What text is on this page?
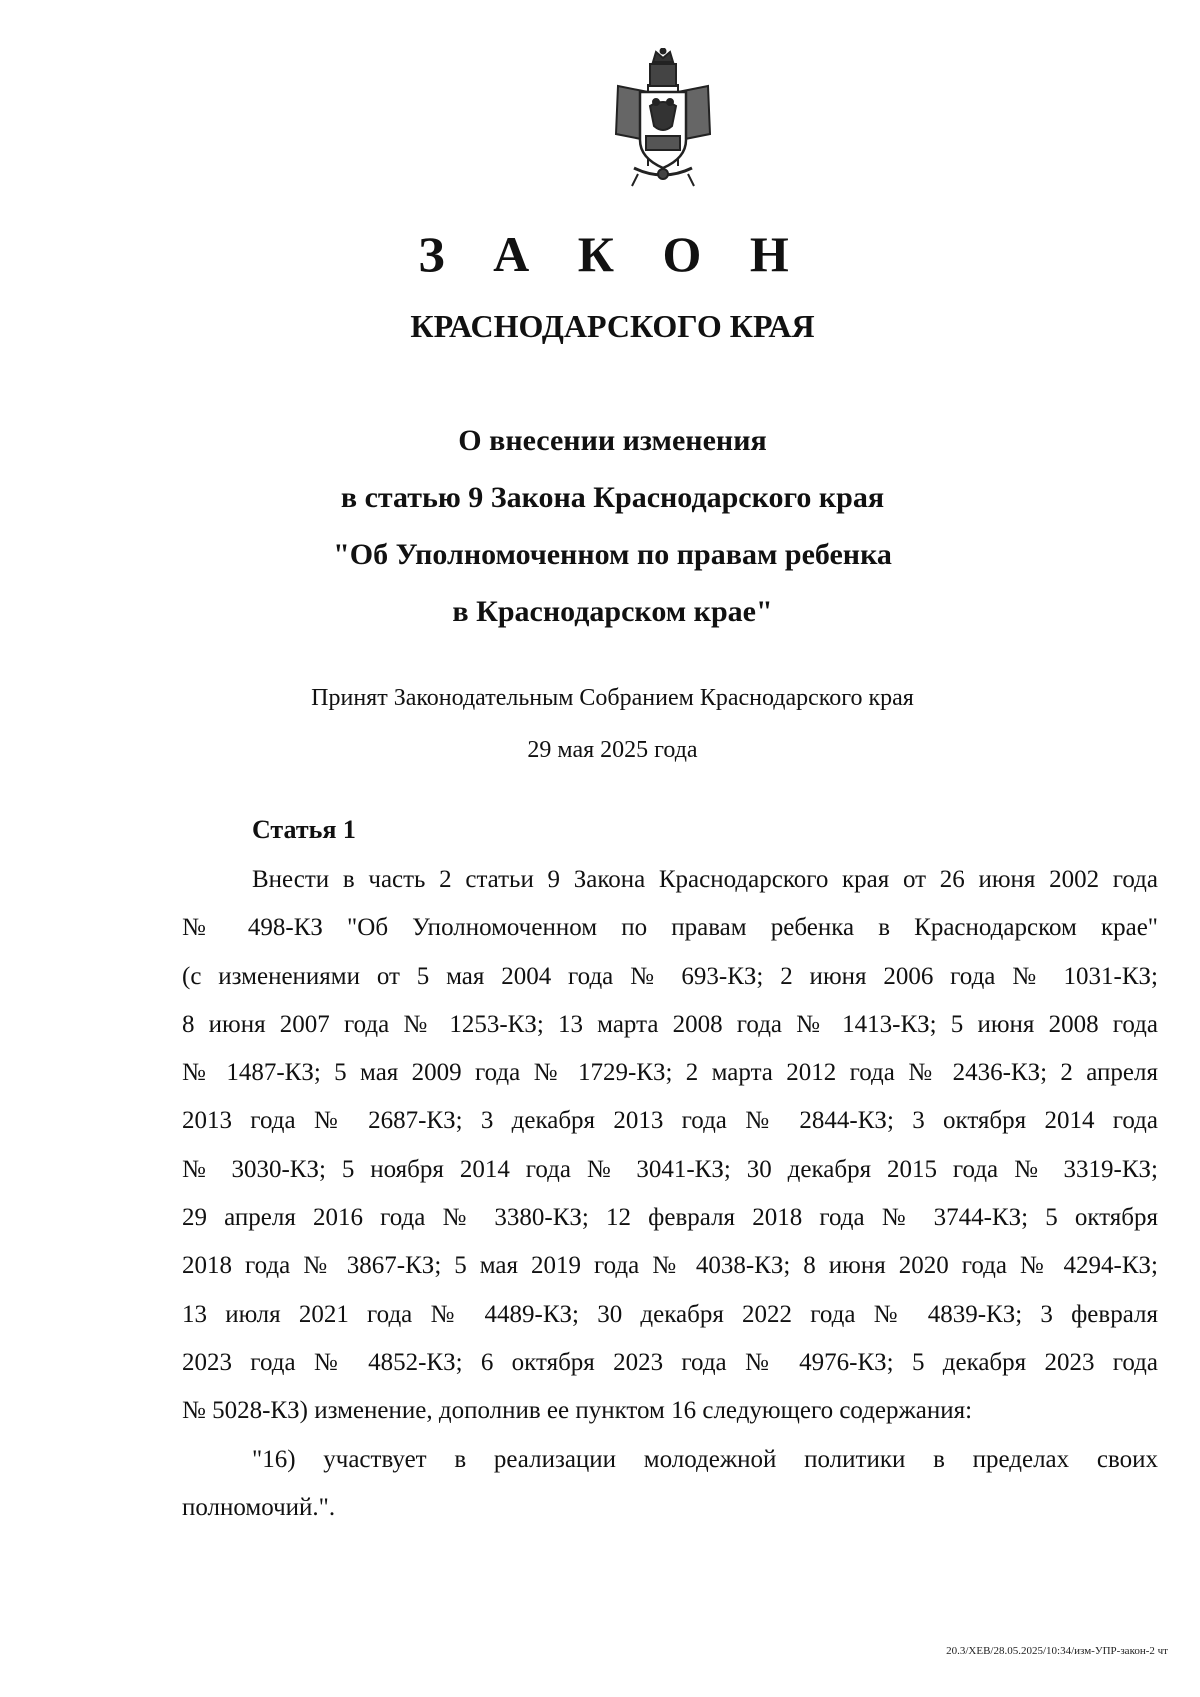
З А К О Н
КРАСНОДАРСКОГО КРАЯ
О внесении изменения
в статью 9 Закона Краснодарского края
"Об Уполномоченном по правам ребенка
в Краснодарском крае"
Принят Законодательным Собранием Краснодарского края
29 мая 2025 года
Статья 1
Внести в часть 2 статьи 9 Закона Краснодарского края от 26 июня 2002 года
№ 498-КЗ "Об Уполномоченном по правам ребенка в Краснодарском крае"
(с изменениями от 5 мая 2004 года № 693-КЗ; 2 июня 2006 года № 1031-КЗ;
8 июня 2007 года № 1253-КЗ; 13 марта 2008 года № 1413-КЗ; 5 июня 2008 года
№ 1487-КЗ; 5 мая 2009 года № 1729-КЗ; 2 марта 2012 года № 2436-КЗ; 2 апреля
2013 года № 2687-КЗ; 3 декабря 2013 года № 2844-КЗ; 3 октября 2014 года
№ 3030-КЗ; 5 ноября 2014 года № 3041-КЗ; 30 декабря 2015 года № 3319-КЗ;
29 апреля 2016 года № 3380-КЗ; 12 февраля 2018 года № 3744-КЗ; 5 октября
2018 года № 3867-КЗ; 5 мая 2019 года № 4038-КЗ; 8 июня 2020 года № 4294-КЗ;
13 июля 2021 года № 4489-КЗ; 30 декабря 2022 года № 4839-КЗ; 3 февраля
2023 года № 4852-КЗ; 6 октября 2023 года № 4976-КЗ; 5 декабря 2023 года
№ 5028-КЗ) изменение, дополнив ее пунктом 16 следующего содержания:
"16) участвует в реализации молодежной политики в пределах своих
полномочий.".
20.3/ХЕВ/28.05.2025/10:34/изм-УПР-закон-2 чт
